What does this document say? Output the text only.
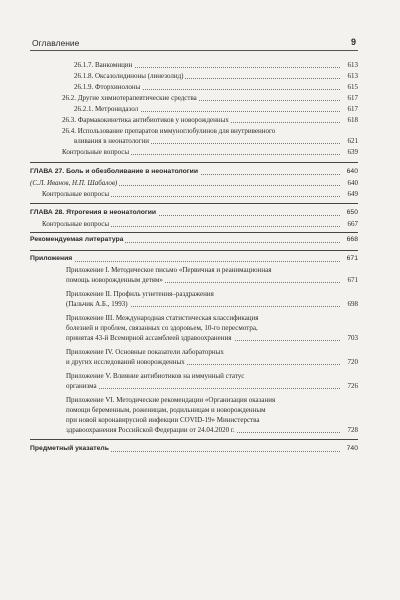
Оглавление	9
26.1.7. Ванкомицин	613
26.1.8. Оксазолидиноны (линезолид)	613
26.1.9. Фторхинолоны	615
26.2. Другие химиотерапевтические средства	617
26.2.1. Метронидазол	617
26.3. Фармакокинетика антибиотиков у новорожденных	618
26.4. Использование препаратов иммуноглобулинов для внутривенного
вливания в неонатологии	621
Контрольные вопросы	639
ГЛАВА 27. Боль и обезболивание в неонатологии	640
(С.Л. Иванов, Н.П. Шабалов)	640
Контрольные вопросы	649
ГЛАВА 28. Ятрогения в неонатологии	650
Контрольные вопросы	667
Рекомендуемая литература	668
Приложения	671
Приложение I. Методическое письмо «Первичная и реанимационная
помощь новорожденным детям»	671
Приложение II. Профиль угнетения–раздражения
(Пальчик А.Б., 1993)	698
Приложение III. Международная статистическая классификация
болезней и проблем, связанных со здоровьем, 10-го пересмотра,
принятая 43-й Всемирной ассамблеей здравоохранения	703
Приложение IV. Основные показатели лабораторных
и других исследований новорожденных	720
Приложение V. Влияние антибиотиков на иммунный статус
организма	726
Приложение VI. Методические рекомендации «Организация оказания
помощи беременным, роженицам, родильницам и новорожденным
при новой коронавирусной инфекции COVID-19» Министерства
здравоохранения Российской Федерации от 24.04.2020 г.	728
Предметный указатель	740
